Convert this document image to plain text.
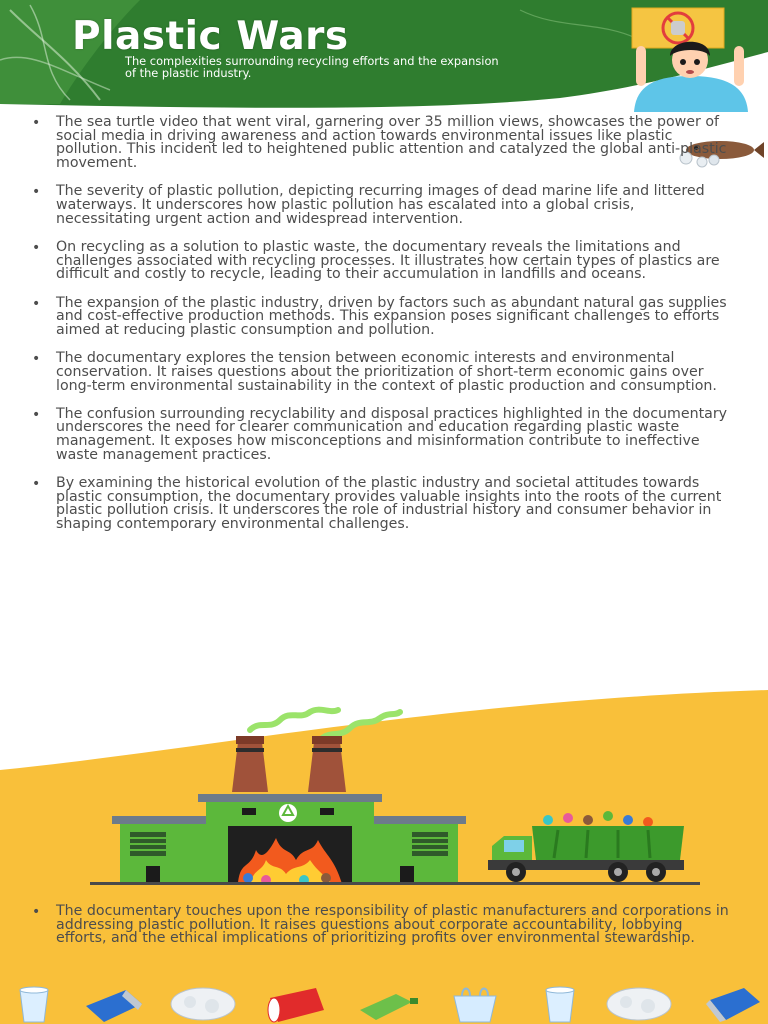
Plastic Wars

The complexities surrounding recycling efforts and the expansion of the plastic industry.

• The sea turtle video that went viral, garnering over 35 million views, showcases the power of social media in driving awareness and action towards environmental issues like plastic pollution. This incident led to heightened public attention and catalyzed the global anti-plastic movement.
• The severity of plastic pollution, depicting recurring images of dead marine life and littered waterways. It underscores how plastic pollution has escalated into a global crisis, necessitating urgent action and widespread intervention.
• On recycling as a solution to plastic waste, the documentary reveals the limitations and challenges associated with recycling processes. It illustrates how certain types of plastics are difficult and costly to recycle, leading to their accumulation in landfills and oceans.
• The expansion of the plastic industry, driven by factors such as abundant natural gas supplies and cost-effective production methods. This expansion poses significant challenges to efforts aimed at reducing plastic consumption and pollution.
• The documentary explores the tension between economic interests and environmental conservation. It raises questions about the prioritization of short-term economic gains over long-term environmental sustainability in the context of plastic production and consumption.
• The confusion surrounding recyclability and disposal practices highlighted in the documentary underscores the need for clearer communication and education regarding plastic waste management. It exposes how misconceptions and misinformation contribute to ineffective waste management practices.
• By examining the historical evolution of the plastic industry and societal attitudes towards plastic consumption, the documentary provides valuable insights into the roots of the current plastic pollution crisis. It underscores the role of industrial history and consumer behavior in shaping contemporary environmental challenges.
• The documentary touches upon the responsibility of plastic manufacturers and corporations in addressing plastic pollution. It raises questions about corporate accountability, lobbying efforts, and the ethical implications of prioritizing profits over environmental stewardship.
